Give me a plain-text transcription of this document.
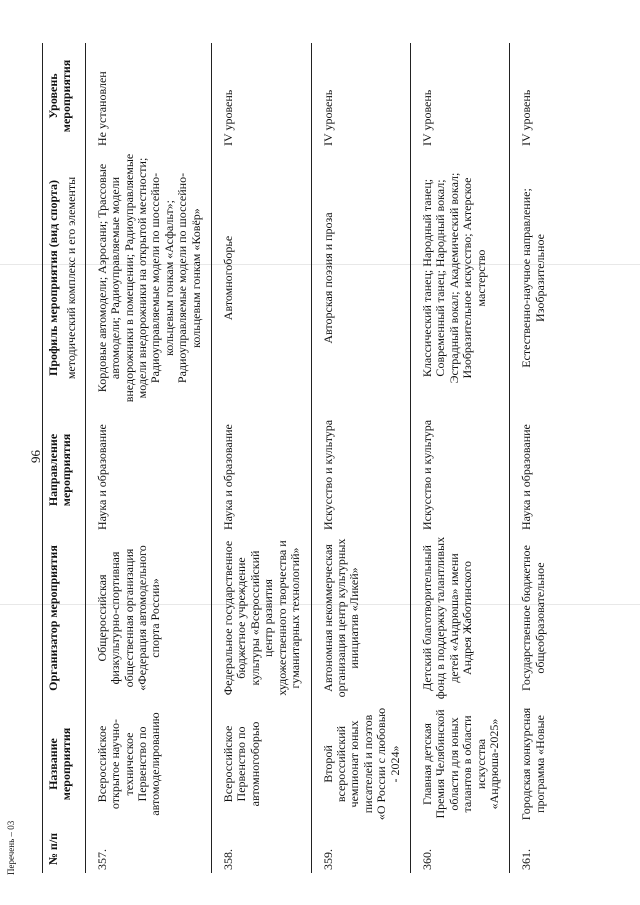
Перечень – 03
96
№ п/п	Название мероприятия	Организатор мероприятия	Направление мероприятия	Профиль мероприятия (вид спорта) методический комплекс и его элементы	Уровень мероприятия
357.	Всероссийское открытое научно-техническое Первенство по автомоделированию	Общероссийская физкультурно-спортивная общественная организация «Федерация автомодельного спорта России»	Наука и образование	Кордовые автомодели; Аэросани; Трассовые автомодели; Радиоуправляемые модели внедорожники в помещении; Радиоуправляемые модели внедорожники на открытой местности; Радиоуправляемые модели по шоссейно-кольцевым гонкам «Асфальт»; Радиоуправляемые модели по шоссейно-кольцевым гонкам «Ковёр»	Не установлен
358.	Всероссийское Первенство по автомногоборью	Федеральное государственное бюджетное учреждение культуры «Всероссийский центр развития художественного творчества и гуманитарных технологий»	Наука и образование	Автомногоборье	IV уровень
359.	Второй всероссийский чемпионат юных писателей и поэтов «О России с любовью - 2024»	Автономная некоммерческая организация центр культурных инициатив «Ликей»	Искусство и культура	Авторская поэзия и проза	IV уровень
360.	Главная детская Премия Челябинской области для юных талантов в области искусства «Андрюша-2025»	Детский благотворительный фонд в поддержку талантливых детей «Андрюша» имени Андрея Жаботинского	Искусство и культура	Классический танец; Народный танец; Современный танец; Народный вокал; Эстрадный вокал; Академический вокал; Изобразительное искусство; Актерское мастерство	IV уровень
361.	Городская конкурсная программа «Новые	Государственное бюджетное общеобразовательное	Наука и образование	Естественно-научное направление; Изобразительное	IV уровень
